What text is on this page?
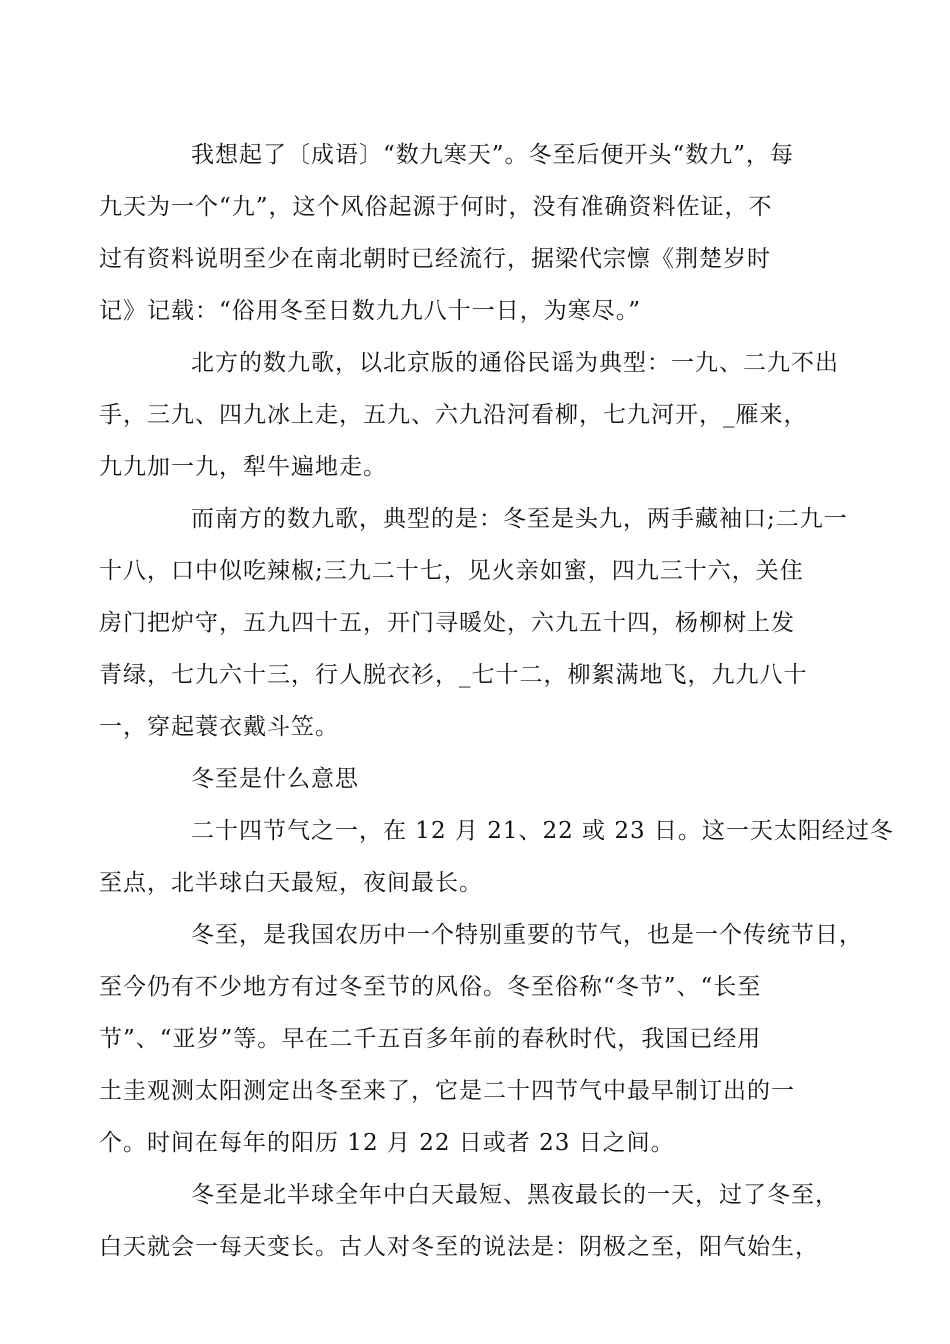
我想起了〔成语〕“数九寒天”。冬至后便开头“数九”，每
九天为一个“九”，这个风俗起源于何时，没有准确资料佐证，不
过有资料说明至少在南北朝时已经流行，据梁代宗懔《荆楚岁时
记》记载：“俗用冬至日数九九八十一日，为寒尽。”

北方的数九歌，以北京版的通俗民谣为典型：一九、二九不出
手，三九、四九冰上走，五九、六九沿河看柳，七九河开，_雁来，
九九加一九，犁牛遍地走。

而南方的数九歌，典型的是：冬至是头九，两手藏袖口;二九一
十八，口中似吃辣椒;三九二十七，见火亲如蜜，四九三十六，关住
房门把炉守，五九四十五，开门寻暖处，六九五十四，杨柳树上发
青绿，七九六十三，行人脱衣衫，_七十二，柳絮满地飞，九九八十
一，穿起蓑衣戴斗笠。

冬至是什么意思

二十四节气之一，在 12 月 21、22 或 23 日。这一天太阳经过冬
至点，北半球白天最短，夜间最长。

冬至，是我国农历中一个特别重要的节气，也是一个传统节日，
至今仍有不少地方有过冬至节的风俗。冬至俗称“冬节”、“长至
节”、“亚岁”等。早在二千五百多年前的春秋时代，我国已经用
土圭观测太阳测定出冬至来了，它是二十四节气中最早制订出的一
个。时间在每年的阳历 12 月 22 日或者 23 日之间。

冬至是北半球全年中白天最短、黑夜最长的一天，过了冬至，
白天就会一每天变长。古人对冬至的说法是：阴极之至，阳气始生，
